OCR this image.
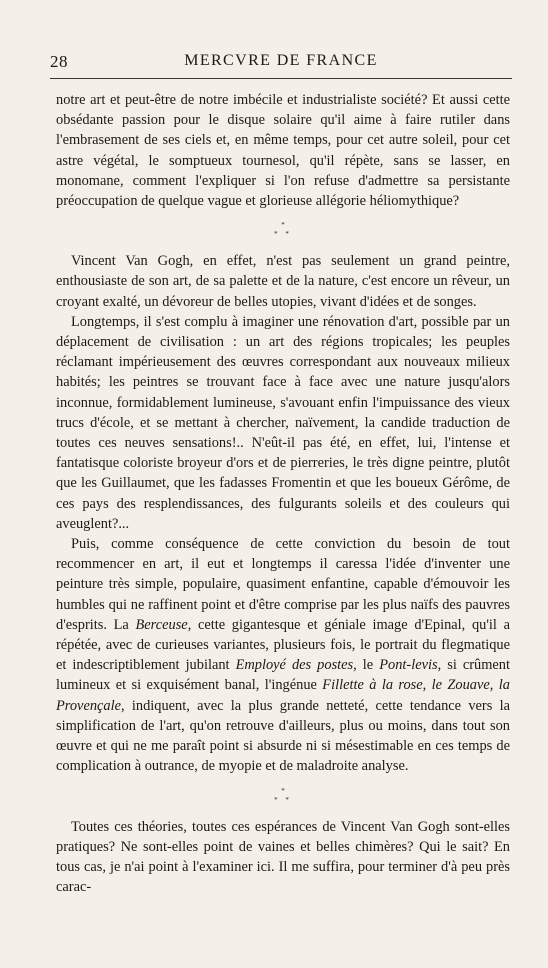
28	MERCVRE DE FRANCE

notre art et peut-être de notre imbécile et industrialiste société? Et aussi cette obsédante passion pour le disque solaire qu'il aime à faire rutiler dans l'embrasement de ses ciels et, en même temps, pour cet autre soleil, pour cet astre végétal, le somptueux tournesol, qu'il répète, sans se lasser, en monomane, comment l'expliquer si l'on refuse d'admettre sa persistante préoccupation de quelque vague et glorieuse allégorie héliomythique?

*
* *

Vincent Van Gogh, en effet, n'est pas seulement un grand peintre, enthousiaste de son art, de sa palette et de la nature, c'est encore un rêveur, un croyant exalté, un dévoreur de belles utopies, vivant d'idées et de songes.

Longtemps, il s'est complu à imaginer une rénovation d'art, possible par un déplacement de civilisation : un art des régions tropicales; les peuples réclamant impérieusement des œuvres correspondant aux nouveaux milieux habités; les peintres se trouvant face à face avec une nature jusqu'alors inconnue, formidablement lumineuse, s'avouant enfin l'impuissance des vieux trucs d'école, et se mettant à chercher, naïvement, la candide traduction de toutes ces neuves sensations!.. N'eût-il pas été, en effet, lui, l'intense et fantatisque coloriste broyeur d'ors et de pierreries, le très digne peintre, plutôt que les Guillaumet, que les fadasses Fromentin et que les boueux Gérôme, de ces pays des resplendissances, des fulgurants soleils et des couleurs qui aveuglent?...

Puis, comme conséquence de cette conviction du besoin de tout recommencer en art, il eut et longtemps il caressa l'idée d'inventer une peinture très simple, populaire, quasiment enfantine, capable d'émouvoir les humbles qui ne raffinent point et d'être comprise par les plus naïfs des pauvres d'esprits. La Berceuse, cette gigantesque et géniale image d'Epinal, qu'il a répétée, avec de curieuses variantes, plusieurs fois, le portrait du flegmatique et indescriptiblement jubilant Employé des postes, le Pont-levis, si crûment lumineux et si exquisément banal, l'ingénue Fillette à la rose, le Zouave, la Provençale, indiquent, avec la plus grande netteté, cette tendance vers la simplification de l'art, qu'on retrouve d'ailleurs, plus ou moins, dans tout son œuvre et qui ne me paraît point si absurde ni si mésestimable en ces temps de complication à outrance, de myopie et de maladroite analyse.

*
* *

Toutes ces théories, toutes ces espérances de Vincent Van Gogh sont-elles pratiques? Ne sont-elles point de vaines et belles chimères? Qui le sait? En tous cas, je n'ai point à l'examiner ici. Il me suffira, pour terminer d'à peu près carac-
